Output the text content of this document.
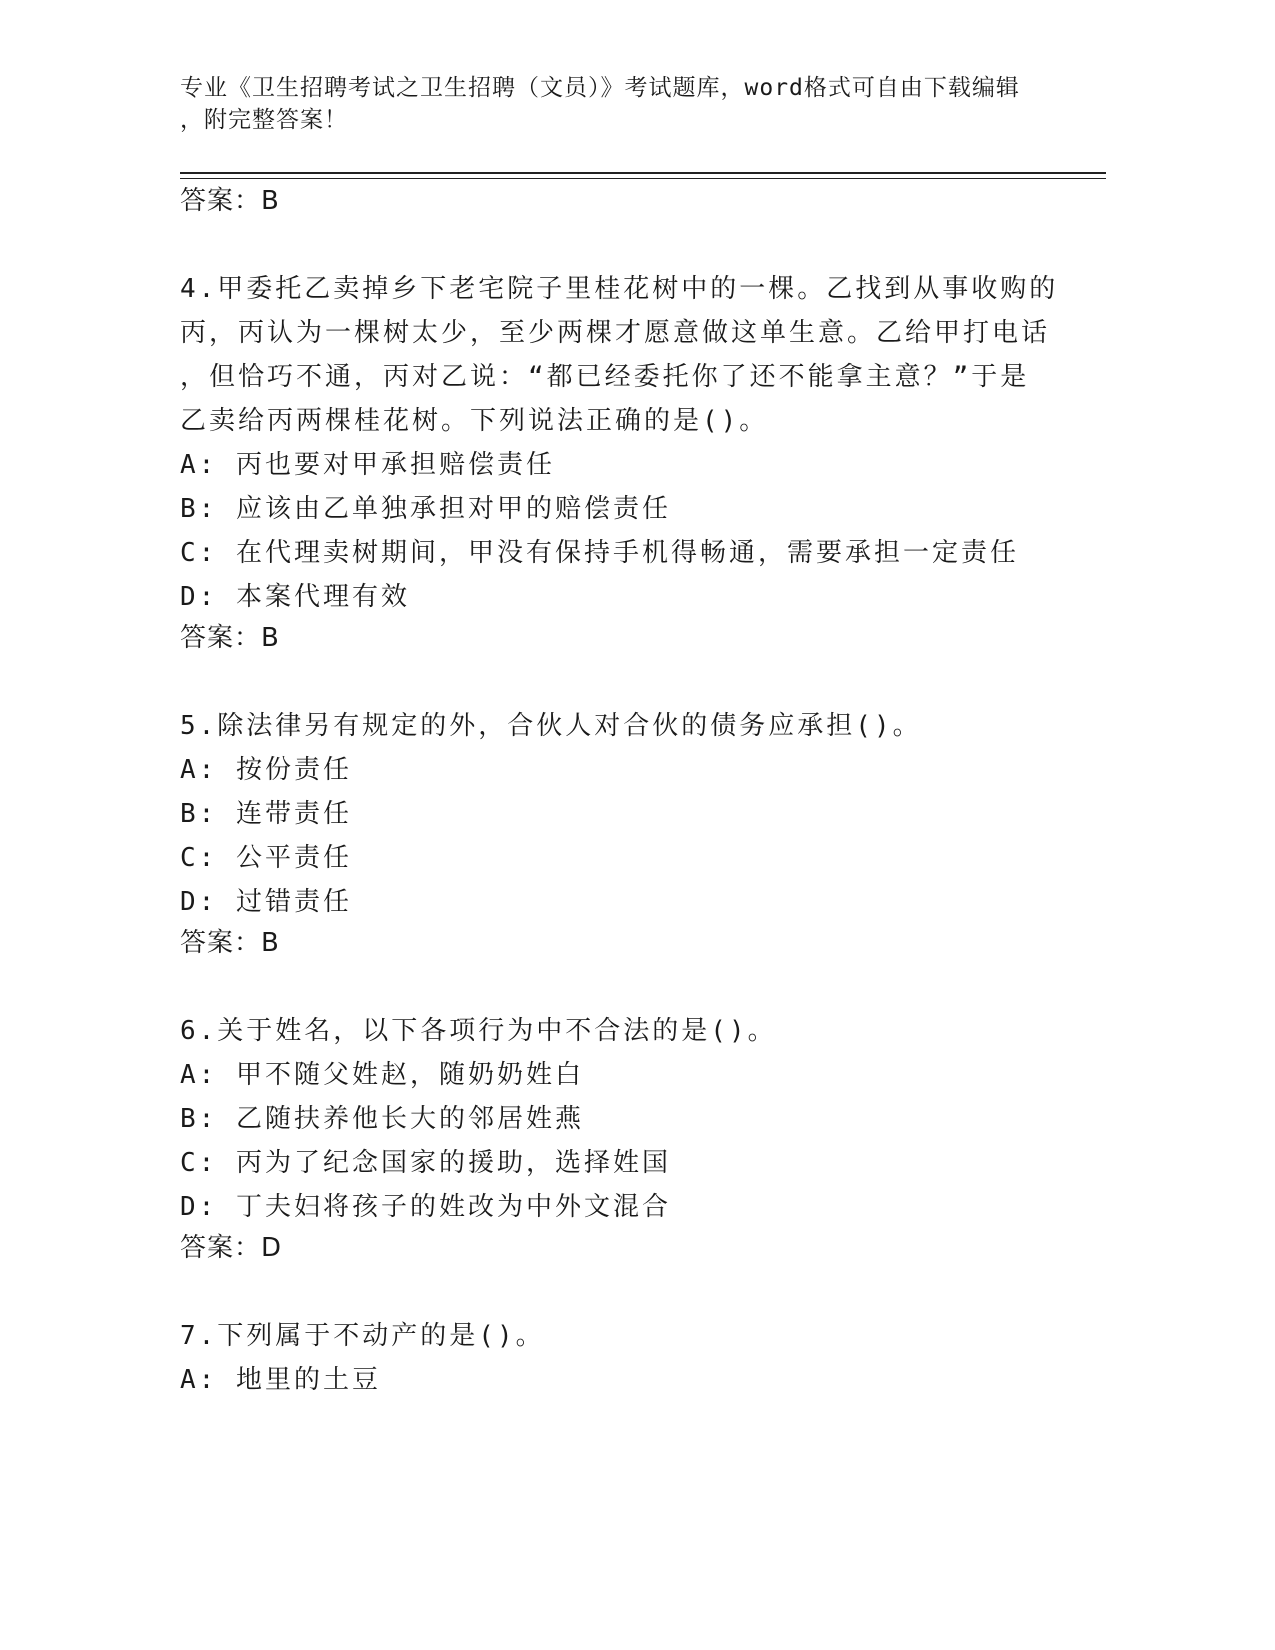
专业《卫生招聘考试之卫生招聘（文员）》考试题库，word格式可自由下载编辑
，附完整答案！
答案：B
4.甲委托乙卖掉乡下老宅院子里桂花树中的一棵。乙找到从事收购的
丙，丙认为一棵树太少，至少两棵才愿意做这单生意。乙给甲打电话
，但恰巧不通，丙对乙说：“都已经委托你了还不能拿主意？”于是
乙卖给丙两棵桂花树。下列说法正确的是()。
A: 丙也要对甲承担赔偿责任
B: 应该由乙单独承担对甲的赔偿责任
C: 在代理卖树期间，甲没有保持手机得畅通，需要承担一定责任
D: 本案代理有效
答案：B
5.除法律另有规定的外，合伙人对合伙的债务应承担()。
A: 按份责任
B: 连带责任
C: 公平责任
D: 过错责任
答案：B
6.关于姓名，以下各项行为中不合法的是()。
A: 甲不随父姓赵，随奶奶姓白
B: 乙随扶养他长大的邻居姓燕
C: 丙为了纪念国家的援助，选择姓国
D: 丁夫妇将孩子的姓改为中外文混合
答案：D
7.下列属于不动产的是()。
A: 地里的土豆
